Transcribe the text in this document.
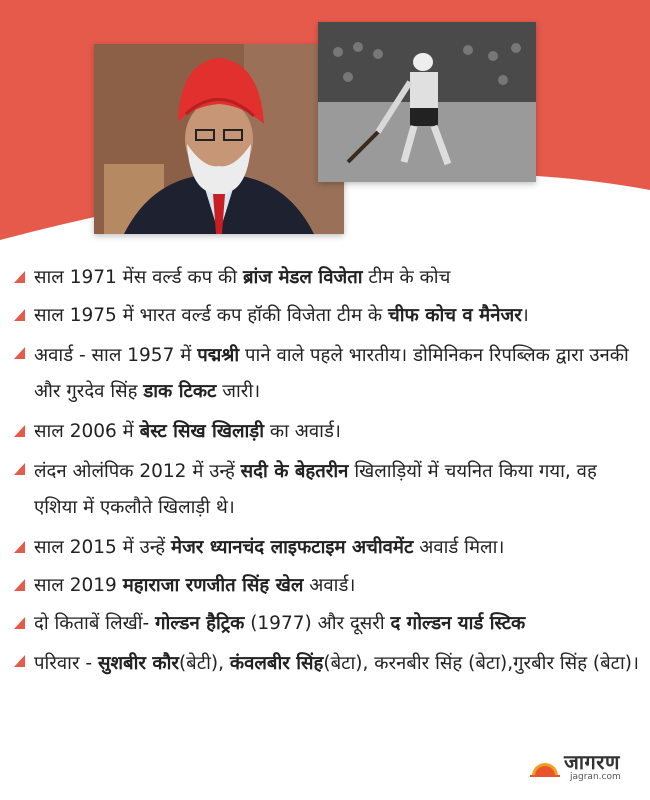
साल 1971 मेंस वर्ल्ड कप की ब्रांज मेडल विजेता टीम के कोच
साल 1975 में भारत वर्ल्ड कप हॉकी विजेता टीम के चीफ कोच व मैनेजर।
अवार्ड - साल 1957 में पद्मश्री पाने वाले पहले भारतीय। डोमिनिकन रिपब्लिक द्वारा उनकी और गुरदेव सिंह डाक टिकट जारी।
साल 2006 में बेस्ट सिख खिलाड़ी का अवार्ड।
लंदन ओलंपिक 2012 में उन्हें सदी के बेहतरीन खिलाड़ियों में चयनित किया गया, वह एशिया में एकलौते खिलाड़ी थे।
साल 2015 में उन्हें मेजर ध्यानचंद लाइफटाइम अचीवमेंट अवार्ड मिला।
साल 2019 महाराजा रणजीत सिंह खेल अवार्ड।
दो किताबें लिखीं- गोल्डन हैट्रिक (1977) और दूसरी द गोल्डन यार्ड स्टिक
परिवार - सुशबीर कौर(बेटी), कंवलबीर सिंह(बेटा), करनबीर सिंह (बेटा),गुरबीर सिंह (बेटा)।
जागरण
jagran.com
